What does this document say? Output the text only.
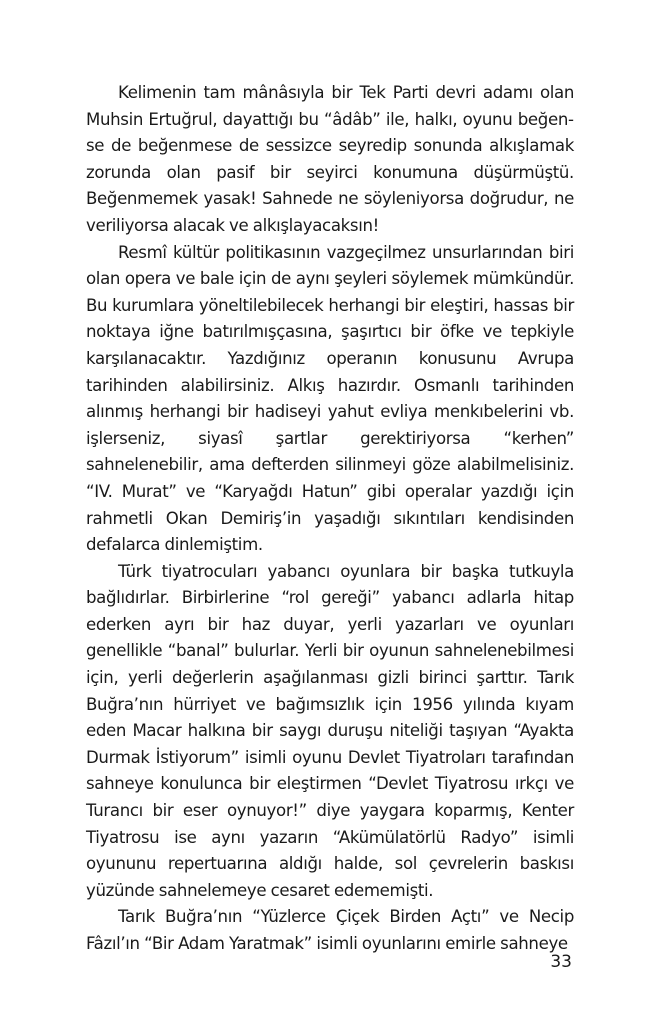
Kelimenin tam mânâsıyla bir Tek Parti devri adamı olan Muhsin Ertuğrul, dayattığı bu “âdâb” ile, halkı, oyunu beğense de beğenmese de sessizce seyredip sonunda alkışlamak zorunda olan pasif bir seyirci konumuna düşürmüştü. Beğenmemek yasak! Sahnede ne söyleniyorsa doğrudur, ne veriliyorsa alacak ve alkışlayacaksın!

Resmî kültür politikasının vazgeçilmez unsurlarından biri olan opera ve bale için de aynı şeyleri söylemek mümkündür. Bu kurumlara yöneltilebilecek herhangi bir eleştiri, hassas bir noktaya iğne batırılmışçasına, şaşırtıcı bir öfke ve tepkiyle karşılanacaktır. Yazdığınız operanın konusunu Avrupa tarihinden alabilirsiniz. Alkış hazırdır. Osmanlı tarihinden alınmış herhangi bir hadiseyi yahut evliya menkıbelerini vb. işlerseniz, siyasî şartlar gerektiriyorsa “kerhen” sahnelenebilir, ama defterden silinmeyi göze alabilmelisiniz. “IV. Murat” ve “Karyağdı Hatun” gibi operalar yazdığı için rahmetli Okan Demiriş’in yaşadığı sıkıntıları kendisinden defalarca dinlemiştim.

Türk tiyatrocuları yabancı oyunlara bir başka tutkuyla bağlıdırlar. Birbirlerine “rol gereği” yabancı adlarla hitap ederken ayrı bir haz duyar, yerli yazarları ve oyunları genellikle “banal” bulurlar. Yerli bir oyunun sahnelenebilmesi için, yerli değerlerin aşağılanması gizli birinci şarttır. Tarık Buğra’nın hürriyet ve bağımsızlık için 1956 yılında kıyam eden Macar halkına bir saygı duruşu niteliği taşıyan “Ayakta Durmak İstiyorum” isimli oyunu Devlet Tiyatroları tarafından sahneye konulunca bir eleştirmen “Devlet Tiyatrosu ırkçı ve Turancı bir eser oynuyor!” diye yaygara koparmış, Kenter Tiyatrosu ise aynı yazarın “Akümülatörlü Radyo” isimli oyununu repertuarına aldığı halde, sol çevrelerin baskısı yüzünde sahnelemeye cesaret edememişti.

Tarık Buğra’nın “Yüzlerce Çiçek Birden Açtı” ve Necip Fâzıl’ın “Bir Adam Yaratmak” isimli oyunlarını emirle sahneye

33
